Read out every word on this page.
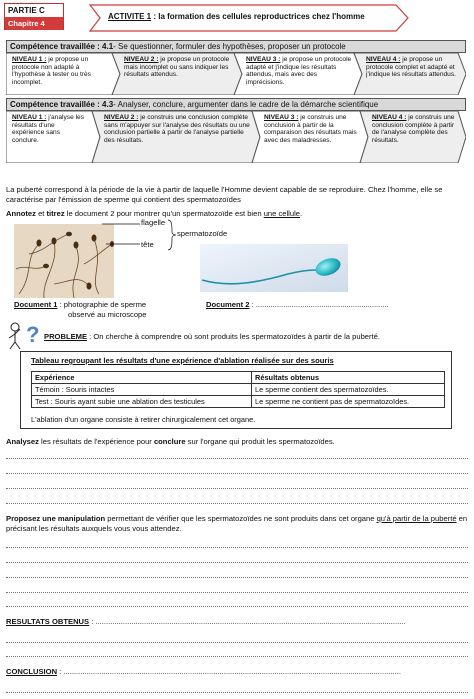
PARTIE C
Chapitre 4
ACTIVITE 1 : la formation des cellules reproductrices chez l'homme
Compétence travaillée : 4.1- Se questionner, formuler des hypothèses, proposer un protocole
NIVEAU 1 : je propose un protocole non adapté à l'hypothèse à tester ou très incomplet.
NIVEAU 2 : je propose un protocole mais incomplet ou sans indiquer les résultats attendus.
NIVEAU 3 : je propose un protocole adapté et j'indique les résultats attendus, mais avec des imprécisions.
NIVEAU 4 : je propose un protocole complet et adapté et j'indique les résultats attendus.
Compétence travaillée : 4.3- Analyser, conclure, argumenter dans le cadre de la démarche scientifique
NIVEAU 1 : j'analyse les résultats d'une expérience sans conclure.
NIVEAU 2 : je construis une conclusion complète sans m'appuyer sur l'analyse des résultats ou une conclusion partielle à partir de l'analyse partielle des résultats.
NIVEAU 3 : je construis une conclusion à partir de la comparaison des résultats mais avec des maladresses.
NIVEAU 4 : je construis une conclusion complète à partir de l'analyse complète des résultats.
La puberté correspond à la période de la vie à partir de laquelle l'Homme devient capable de se reproduire. Chez l'homme, elle se caractérise par l'émission de sperme qui contient des spermatozoïdes
Annotez et titrez le document 2 pour montrer qu'un spermatozoïde est bien une cellule.
flagelle
tête
spermatozoïde
Document 1 : photographie de sperme
observé au microscope
Document 2 : ...............................................................
? PROBLEME : On cherche à comprendre où sont produits les spermatozoïdes à partir de la puberté.
Tableau regroupant les résultats d'une expérience d'ablation réalisée sur des souris
Expérience	Résultats obtenus
Témoin : Souris intactes	Le sperme contient des spermatozoïdes.
Test : Souris ayant subie une ablation des testicules	Le sperme ne contient pas de spermatozoïdes.
L'ablation d'un organe consiste à retirer chirurgicalement cet organe.
Analysez les résultats de l'expérience pour conclure sur l'organe qui produit les spermatozoïdes.
Proposez une manipulation permettant de vérifier que les spermatozoïdes ne sont produits dans cet organe qu'à partir de la puberté en précisant les résultats auxquels vous vous attendez.
RESULTATS OBTENUS : ...................................................................................................................................................
CONCLUSION : ................................................................................................................................................................
